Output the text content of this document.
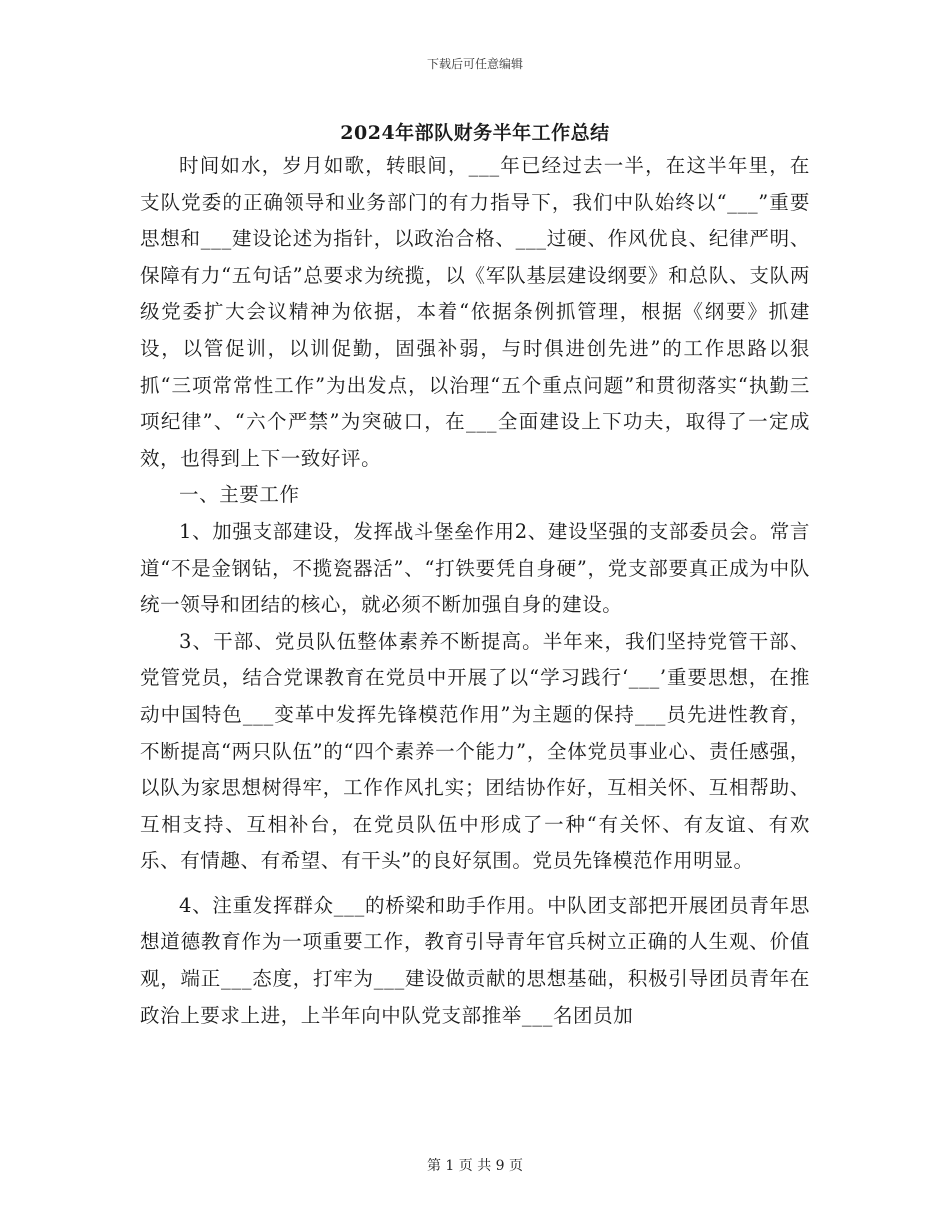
下载后可任意编辑
2024年部队财务半年工作总结

时间如水，岁月如歌，转眼间，___年已经过去一半，在这半年里，在支队党委的正确领导和业务部门的有力指导下，我们中队始终以“___”重要思想和___建设论述为指针，以政治合格、___过硬、作风优良、纪律严明、保障有力“五句话”总要求为统揽，以《军队基层建设纲要》和总队、支队两级党委扩大会议精神为依据，本着“依据条例抓管理，根据《纲要》抓建设，以管促训，以训促勤，固强补弱，与时俱进创先进”的工作思路以狠抓“三项常常性工作”为出发点，以治理“五个重点问题”和贯彻落实“执勤三项纪律”、“六个严禁”为突破口，在___全面建设上下功夫，取得了一定成效，也得到上下一致好评。

一、主要工作

1、加强支部建设，发挥战斗堡垒作用2、建设坚强的支部委员会。常言道“不是金钢钻，不揽瓷器活”、“打铁要凭自身硬”，党支部要真正成为中队统一领导和团结的核心，就必须不断加强自身的建设。

3、干部、党员队伍整体素养不断提高。半年来，我们坚持党管干部、党管党员，结合党课教育在党员中开展了以“学习践行‘___’重要思想，在推动中国特色___变革中发挥先锋模范作用”为主题的保持___员先进性教育，不断提高“两只队伍”的“四个素养一个能力”，全体党员事业心、责任感强，以队为家思想树得牢，工作作风扎实；团结协作好，互相关怀、互相帮助、互相支持、互相补台，在党员队伍中形成了一种“有关怀、有友谊、有欢乐、有情趣、有希望、有干头”的良好氛围。党员先锋模范作用明显。

4、注重发挥群众___的桥梁和助手作用。中队团支部把开展团员青年思想道德教育作为一项重要工作，教育引导青年官兵树立正确的人生观、价值观，端正___态度，打牢为___建设做贡献的思想基础，积极引导团员青年在政治上要求上进，上半年向中队党支部推举___名团员加

第 1 页 共 9 页
